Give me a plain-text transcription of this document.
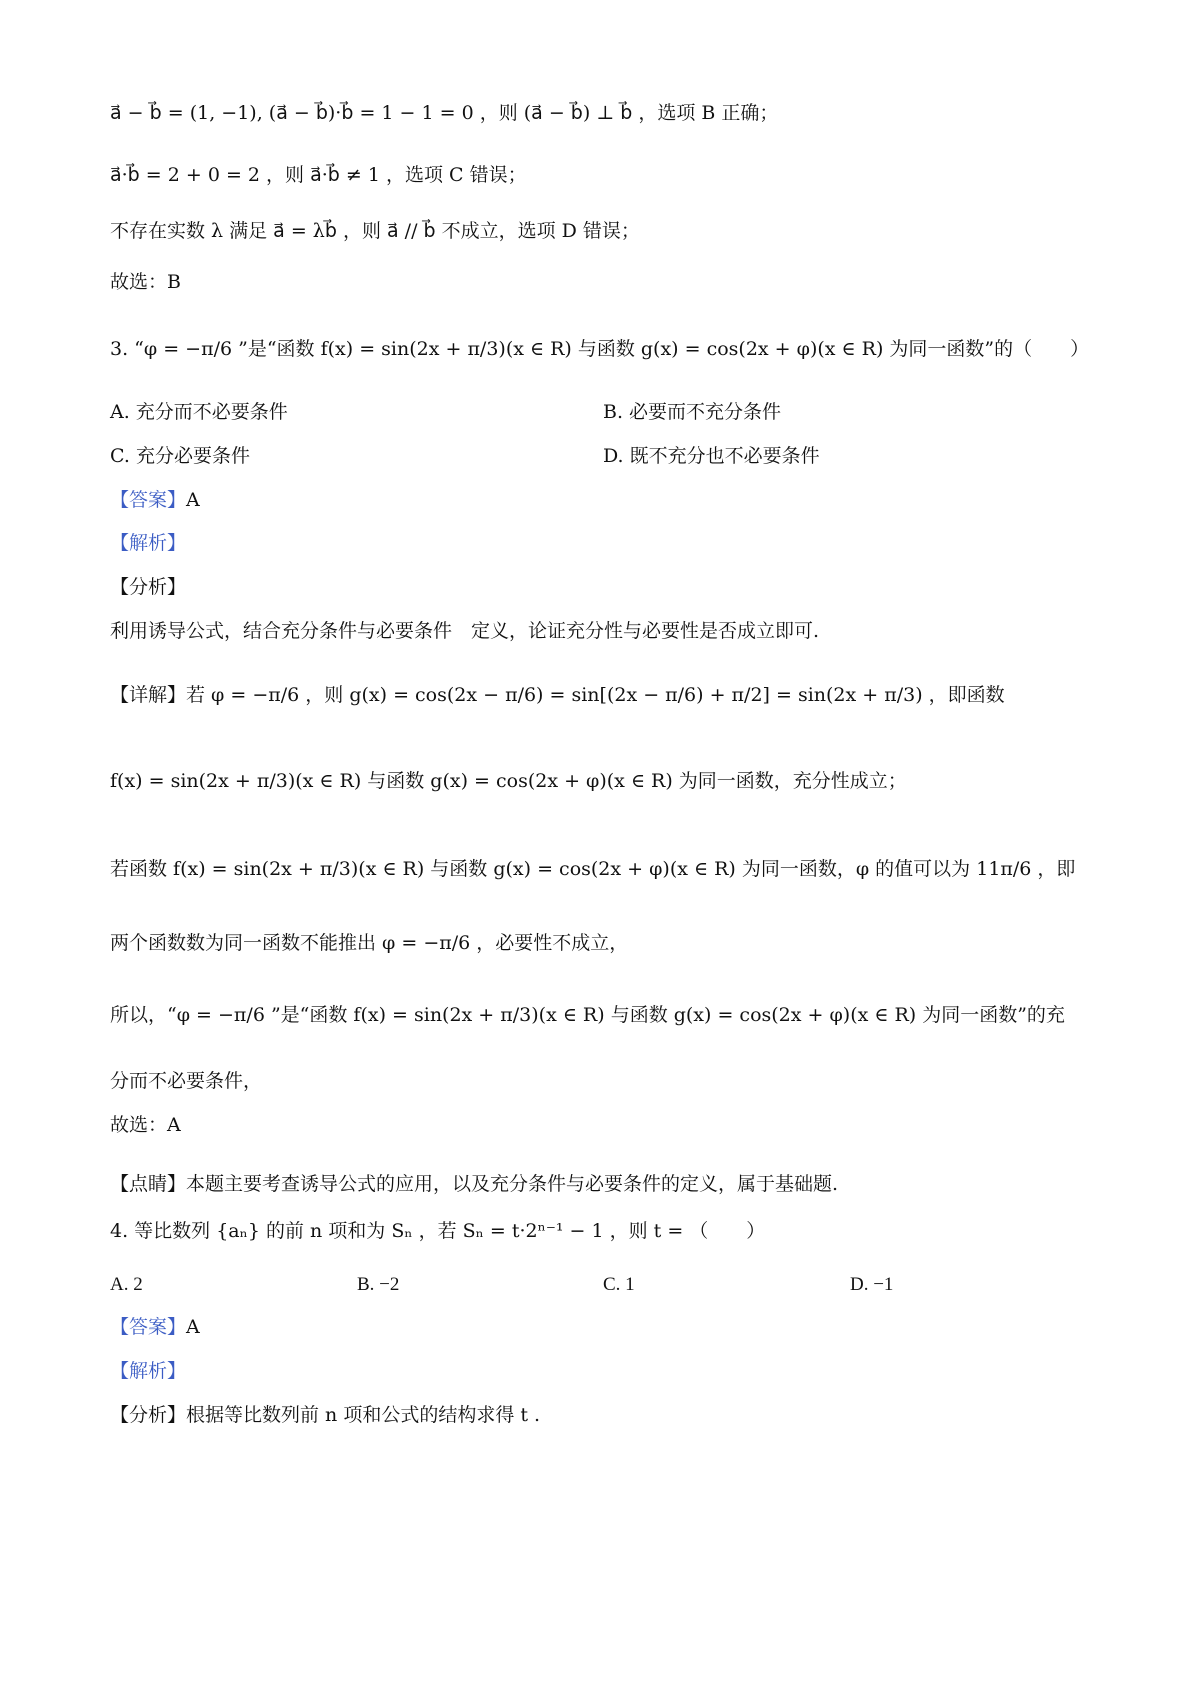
a⃗ − b⃗ = (1, −1), (a⃗ − b⃗)·b⃗ = 1 − 1 = 0 ，则 (a⃗ − b⃗) ⊥ b⃗ ，选项 B 正确；
a⃗·b⃗ = 2 + 0 = 2 ，则 a⃗·b⃗ ≠ 1 ，选项 C 错误；
不存在实数 λ 满足 a⃗ = λb⃗ ，则 a⃗ // b⃗ 不成立，选项 D 错误；
故选：B
3. “φ = −π/6 ”是“函数 f(x) = sin(2x + π/3)(x ∈ R) 与函数 g(x) = cos(2x + φ)(x ∈ R) 为同一函数”的（　　）
A. 充分而不必要条件	B. 必要而不充分条件
C. 充分必要条件	D. 既不充分也不必要条件
【答案】A
【解析】
【分析】
利用诱导公式，结合充分条件与必要条件　定义，论证充分性与必要性是否成立即可.
【详解】若 φ = −π/6 ，则 g(x) = cos(2x − π/6) = sin[(2x − π/6) + π/2] = sin(2x + π/3) ，即函数
f(x) = sin(2x + π/3)(x ∈ R) 与函数 g(x) = cos(2x + φ)(x ∈ R) 为同一函数，充分性成立；
若函数 f(x) = sin(2x + π/3)(x ∈ R) 与函数 g(x) = cos(2x + φ)(x ∈ R) 为同一函数，φ 的值可以为 11π/6 ，即
两个函数数为同一函数不能推出 φ = −π/6 ，必要性不成立，
所以，“φ = −π/6 ”是“函数 f(x) = sin(2x + π/3)(x ∈ R) 与函数 g(x) = cos(2x + φ)(x ∈ R) 为同一函数”的充
分而不必要条件，
故选：A
【点睛】本题主要考查诱导公式的应用，以及充分条件与必要条件的定义，属于基础题.
4. 等比数列 {aₙ} 的前 n 项和为 Sₙ ，若 Sₙ = t·2ⁿ⁻¹ − 1 ，则 t = （　　）
A. 2	B. −2	C. 1	D. −1
【答案】A
【解析】
【分析】根据等比数列前 n 项和公式的结构求得 t .
